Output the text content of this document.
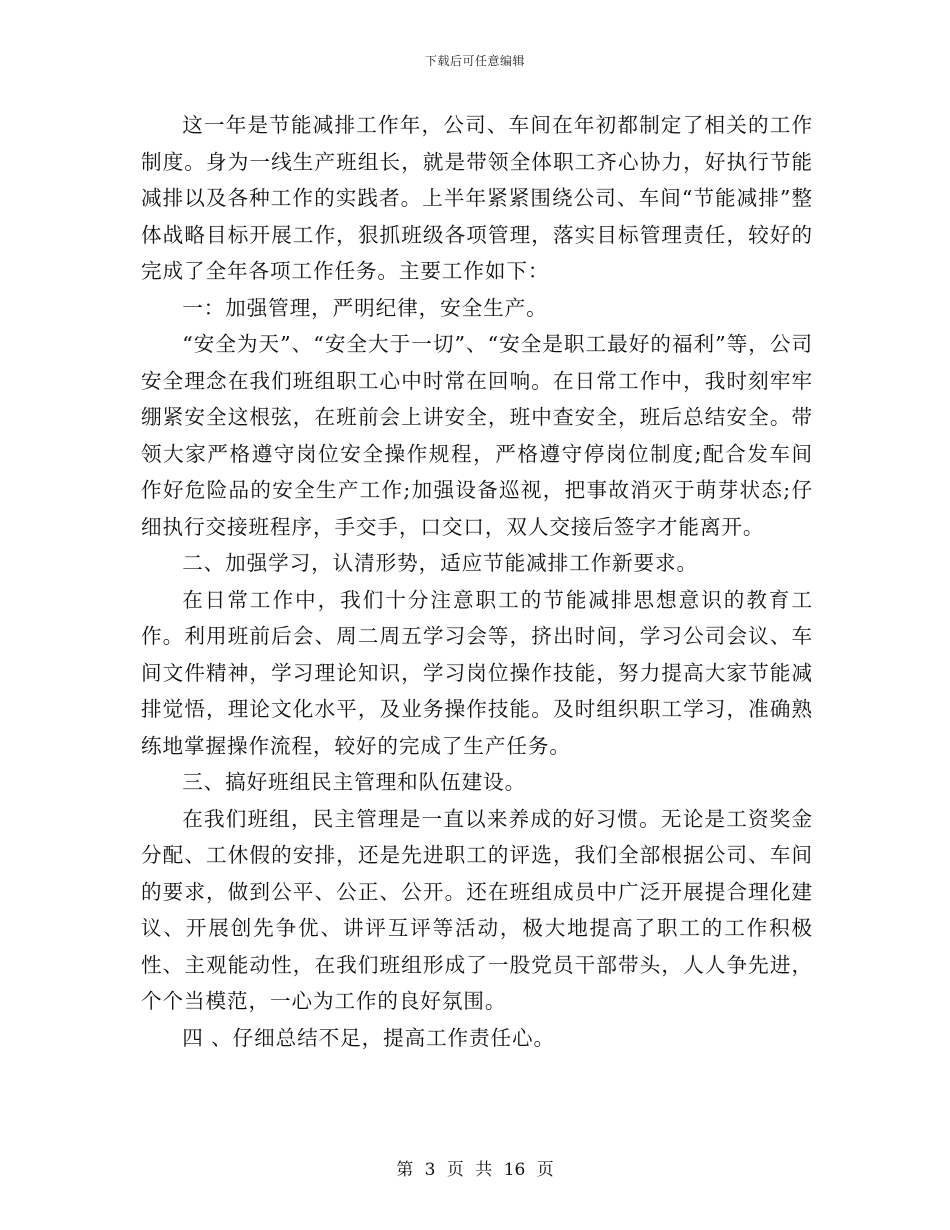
下载后可任意编辑

这一年是节能减排工作年，公司、车间在年初都制定了相关的工作制度。身为一线生产班组长，就是带领全体职工齐心协力，好执行节能减排以及各种工作的实践者。上半年紧紧围绕公司、车间“节能减排”整体战略目标开展工作，狠抓班级各项管理，落实目标管理责任，较好的完成了全年各项工作任务。主要工作如下：

一：加强管理，严明纪律，安全生产。

“安全为天”、“安全大于一切”、“安全是职工最好的福利”等，公司安全理念在我们班组职工心中时常在回响。在日常工作中，我时刻牢牢绷紧安全这根弦，在班前会上讲安全，班中查安全，班后总结安全。带领大家严格遵守岗位安全操作规程，严格遵守停岗位制度;配合发车间作好危险品的安全生产工作;加强设备巡视，把事故消灭于萌芽状态;仔细执行交接班程序，手交手，口交口，双人交接后签字才能离开。

二、加强学习，认清形势，适应节能减排工作新要求。

在日常工作中，我们十分注意职工的节能减排思想意识的教育工作。利用班前后会、周二周五学习会等，挤出时间，学习公司会议、车间文件精神，学习理论知识，学习岗位操作技能，努力提高大家节能减排觉悟，理论文化水平，及业务操作技能。及时组织职工学习，准确熟练地掌握操作流程，较好的完成了生产任务。

三、搞好班组民主管理和队伍建设。

在我们班组，民主管理是一直以来养成的好习惯。无论是工资奖金分配、工休假的安排，还是先进职工的评选，我们全部根据公司、车间的要求，做到公平、公正、公开。还在班组成员中广泛开展提合理化建议、开展创先争优、讲评互评等活动，极大地提高了职工的工作积极性、主观能动性，在我们班组形成了一股党员干部带头，人人争先进，个个当模范，一心为工作的良好氛围。

四 、仔细总结不足，提高工作责任心。

第 3 页 共 16 页
